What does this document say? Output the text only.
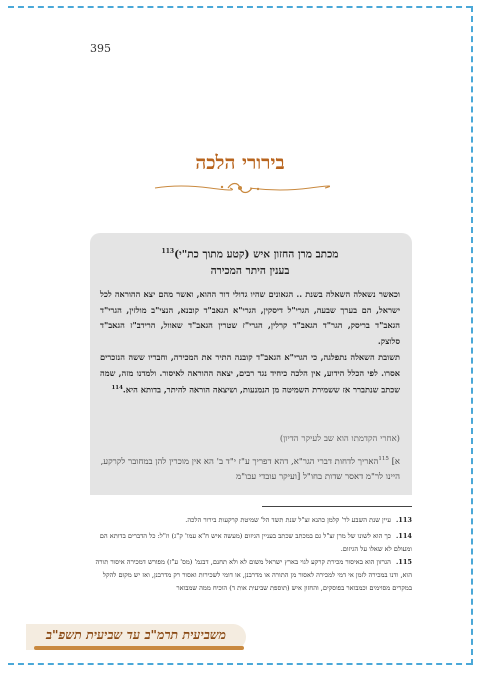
395
בירורי הלכה
מכתב מרן החזון איש (קטע מתוך כת"י)$^{113}$
בענין היתר המכירה
וכאשר נשאלה השאלה בשנת .. הגאונים שהיו גדולי דור ההוא, ואשר מהם יצא ההוראה לכל ישראל, הם בערך שבעה, הגרי"ל דיסקין, הגרי"א הגאב"ד קובנא, הנצי"ב מולזין, הגרי"ד הגאב"ד בריסק, הגר"ד הגאב"ד קרלין, הגרי"ז שטרין הגאב"ד שאוול, הרידב"ז הגאב"ד סלוצק.
תשובת השאלה נתפלגה, כי הגרי"א הגאב"ד קובנה התיר את המכירה, וחבריו ששה הנזכרים אסרו. לפי הכלל הידוע, אין הלכה כיחיד נגד רבים, יצאה ההוראה לאיסור. ולמדנו מזה, שמה שכתב שנתברר אז ששמירת השמיטה מן הנמנעות, ושיצאה הוראה להיתר, בדותא היא.$^{114}$
(אחרי הקדמתו הוא שב לעיקר הדיון)
א] $^{115}$האריך לדחות דברי הגר"א, דהא דפריך ע"ז י"ד ב' הא אין מוכרין להן במחובר לקרקע, היינו לר"מ דאסר שדות בחו"ל [ועיקר עובדי עכו"מ
113.עיין שנת השבע לר' קלמן כהנא זצ"ל שנת תשד הל' שמיטת קרקעות בירור הלכה.
114.כך הוא לשונו של מרן זצ"ל גם במכתב שכתב בעניין הגיזום (מעשה איש ח"א עמו' ק"ג) וז"ל: כל הדברים בדותא הם ומעולם לא שאלו על הגיזום.
115.הגרזון הוא באיסור מכירת קרקע לגוי בארץ ישראל משום לא ולא תחנם, דבגמ' (מס' ע"ז) מפורש דמכירה איסור תורה הוא, ודנו במכירה לזמן אי דמי למכירה לאסור מן התורה או מדרבנן, או דומי לשכירות ואסור רק מדרבנן, ואז יש מקום להקל במקרים מסוימים וכמבואר בפוסקים, והחזון איש (תוספת שביעית אות ד) הוכיח ממה שמבואר
משביעית תרמ"ב עד שביעית תשפ"ב
